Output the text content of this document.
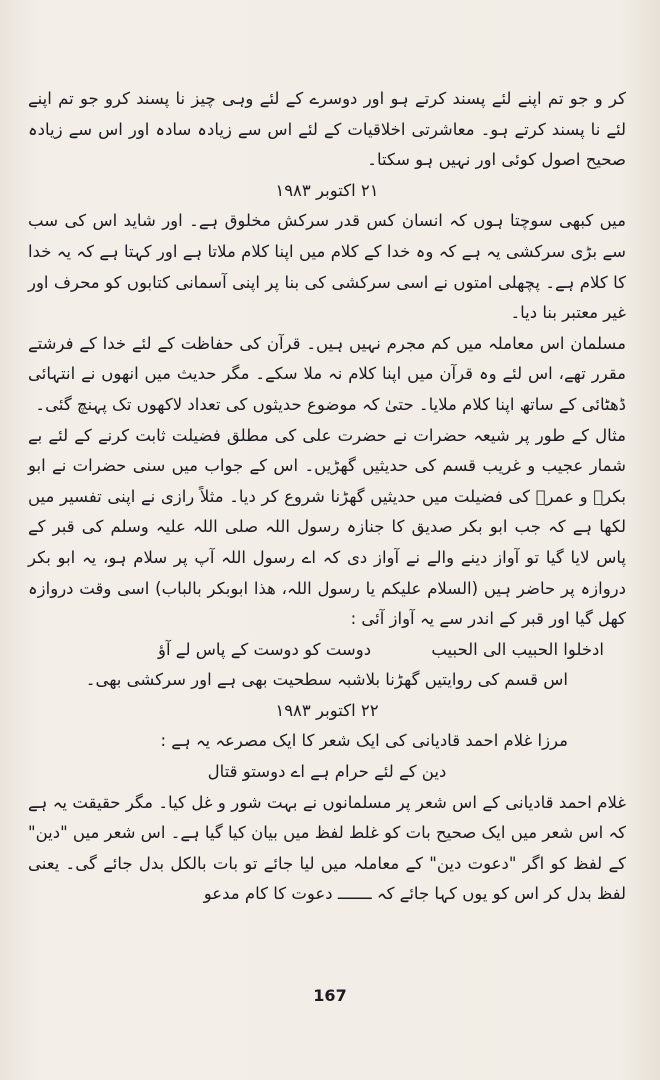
کر و جو تم اپنے لئے پسند کرتے ہو اور دوسرے کے لئے وہی چیز نا پسند کرو جو تم اپنے لئے نا پسند کرتے ہو۔ معاشرتی اخلاقیات کے لئے اس سے زیادہ سادہ اور اس سے زیادہ صحیح اصول کوئی اور نہیں ہو سکتا۔

۲۱ اکتوبر ۱۹۸۳

میں کبھی سوچتا ہوں کہ انسان کس قدر سرکش مخلوق ہے۔ اور شاید اس کی سب سے بڑی سرکشی یہ ہے کہ وہ خدا کے کلام میں اپنا کلام ملاتا ہے اور کہتا ہے کہ یہ خدا کا کلام ہے۔ پچھلی امتوں نے اسی سرکشی کی بنا پر اپنی آسمانی کتابوں کو محرف اور غیر معتبر بنا دیا۔

مسلمان اس معاملہ میں کم مجرم نہیں ہیں۔ قرآن کی حفاظت کے لئے خدا کے فرشتے مقرر تھے، اس لئے وہ قرآن میں اپنا کلام نہ ملا سکے۔ مگر حدیث میں انھوں نے انتہائی ڈھٹائی کے ساتھ اپنا کلام ملایا۔ حتیٰ کہ موضوع حدیثوں کی تعداد لاکھوں تک پہنچ گئی۔

مثال کے طور پر شیعہ حضرات نے حضرت علی کی مطلق فضیلت ثابت کرنے کے لئے بے شمار عجیب و غریب قسم کی حدیثیں گھڑیں۔ اس کے جواب میں سنی حضرات نے ابو بکرؓ و عمرؓ کی فضیلت میں حدیثیں گھڑنا شروع کر دیا۔ مثلاً رازی نے اپنی تفسیر میں لکھا ہے کہ جب ابو بکر صدیق کا جنازہ رسول اللہ صلی اللہ علیہ وسلم کی قبر کے پاس لایا گیا تو آواز دینے والے نے آواز دی کہ اے رسول اللہ آپ پر سلام ہو، یہ ابو بکر دروازہ پر حاضر ہیں (السلام علیکم یا رسول اللہ، ھذا ابوبکر بالباب) اسی وقت دروازہ کھل گیا اور قبر کے اندر سے یہ آواز آئی :

ادخلوا الحبیب الی الحبیب
دوست کو دوست کے پاس لے آؤ
اس قسم کی روایتیں گھڑنا بلاشبہ سطحیت بھی ہے اور سرکشی بھی۔
۲۲ اکتوبر ۱۹۸۳
مرزا غلام احمد قادیانی کی ایک شعر کا ایک مصرعہ یہ ہے :
دین کے لئے حرام ہے اے دوستو قتال

غلام احمد قادیانی کے اس شعر پر مسلمانوں نے بہت شور و غل کیا۔ مگر حقیقت یہ ہے کہ اس شعر میں ایک صحیح بات کو غلط لفظ میں بیان کیا گیا ہے۔ اس شعر میں "دین" کے لفظ کو اگر "دعوت دین" کے معاملہ میں لیا جائے تو بات بالکل بدل جائے گی۔ یعنی لفظ بدل کر اس کو یوں کہا جائے کہ ـــــــ دعوت کا کام مدعو

167
